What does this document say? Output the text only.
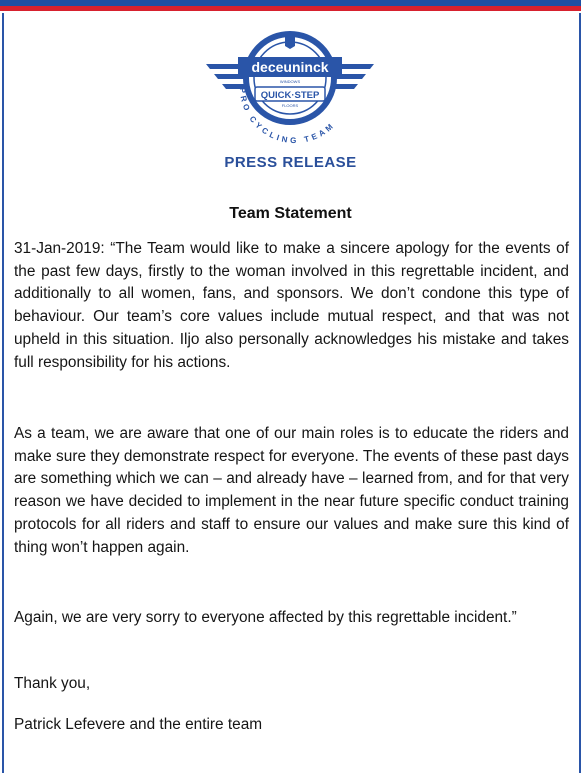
deceuninck
WINDOWS
QUICK·STEP
FLOORS
PRO CYCLING TEAM
PRESS RELEASE
Team Statement

31-Jan-2019: “The Team would like to make a sincere apology for the events of the past few days, firstly to the woman involved in this regrettable incident, and additionally to all women, fans, and sponsors. We don’t condone this type of behaviour. Our team’s core values include mutual respect, and that was not upheld in this situation. Iljo also personally acknowledges his mistake and takes full responsibility for his actions.

As a team, we are aware that one of our main roles is to educate the riders and make sure they demonstrate respect for everyone. The events of these past days are something which we can – and already have – learned from, and for that very reason we have decided to implement in the near future specific conduct training protocols for all riders and staff to ensure our values and make sure this kind of thing won’t happen again.

Again, we are very sorry to everyone affected by this regrettable incident.”

Thank you,

Patrick Lefevere and the entire team
